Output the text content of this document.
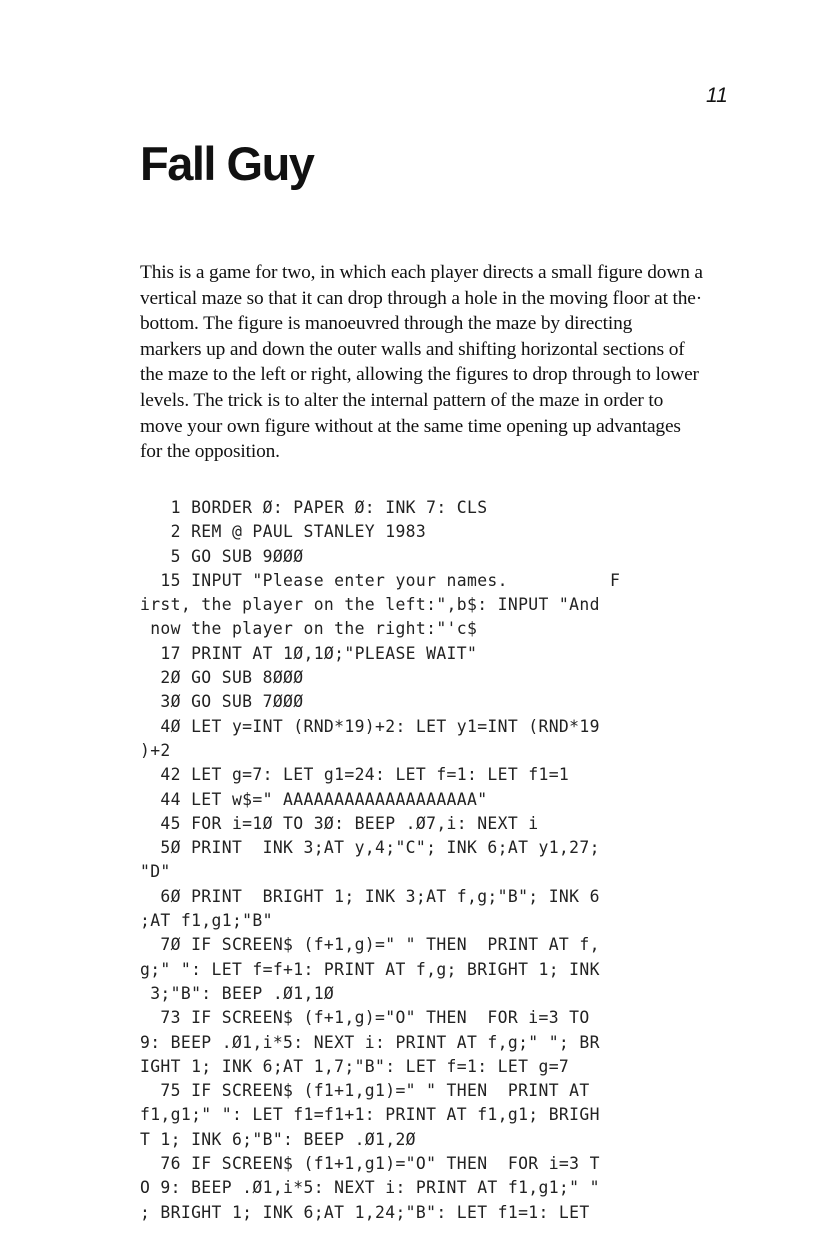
11
Fall Guy
This is a game for two, in which each player directs a small figure down a
vertical maze so that it can drop through a hole in the moving floor at the·
bottom. The figure is manoeuvred through the maze by directing
markers up and down the outer walls and shifting horizontal sections of
the maze to the left or right, allowing the figures to drop through to lower
levels. The trick is to alter the internal pattern of the maze in order to
move your own figure without at the same time opening up advantages
for the opposition.
1 BORDER Ø: PAPER Ø: INK 7: CLS
2 REM @ PAUL STANLEY 1983
5 GO SUB 9ØØØ
15 INPUT "Please enter your names.          F
irst, the player on the left:",b$: INPUT "And
now the player on the right:"'c$
17 PRINT AT 1Ø,1Ø;"PLEASE WAIT"
2Ø GO SUB 8ØØØ
3Ø GO SUB 7ØØØ
4Ø LET y=INT (RND*19)+2: LET y1=INT (RND*19
)+2
42 LET g=7: LET g1=24: LET f=1: LET f1=1
44 LET w$=" AAAAAAAAAAAAAAAAAAA"
45 FOR i=1Ø TO 3Ø: BEEP .Ø7,i: NEXT i
5Ø PRINT  INK 3;AT y,4;"C"; INK 6;AT y1,27;
"D"
6Ø PRINT  BRIGHT 1; INK 3;AT f,g;"B"; INK 6
;AT f1,g1;"B"
7Ø IF SCREEN$ (f+1,g)=" " THEN  PRINT AT f,
g;" ": LET f=f+1: PRINT AT f,g; BRIGHT 1; INK
3;"B": BEEP .Ø1,1Ø
73 IF SCREEN$ (f+1,g)="O" THEN  FOR i=3 TO
9: BEEP .Ø1,i*5: NEXT i: PRINT AT f,g;" "; BR
IGHT 1; INK 6;AT 1,7;"B": LET f=1: LET g=7
75 IF SCREEN$ (f1+1,g1)=" " THEN  PRINT AT
f1,g1;" ": LET f1=f1+1: PRINT AT f1,g1; BRIGH
T 1; INK 6;"B": BEEP .Ø1,2Ø
76 IF SCREEN$ (f1+1,g1)="O" THEN  FOR i=3 T
O 9: BEEP .Ø1,i*5: NEXT i: PRINT AT f1,g1;" "
; BRIGHT 1; INK 6;AT 1,24;"B": LET f1=1: LET
